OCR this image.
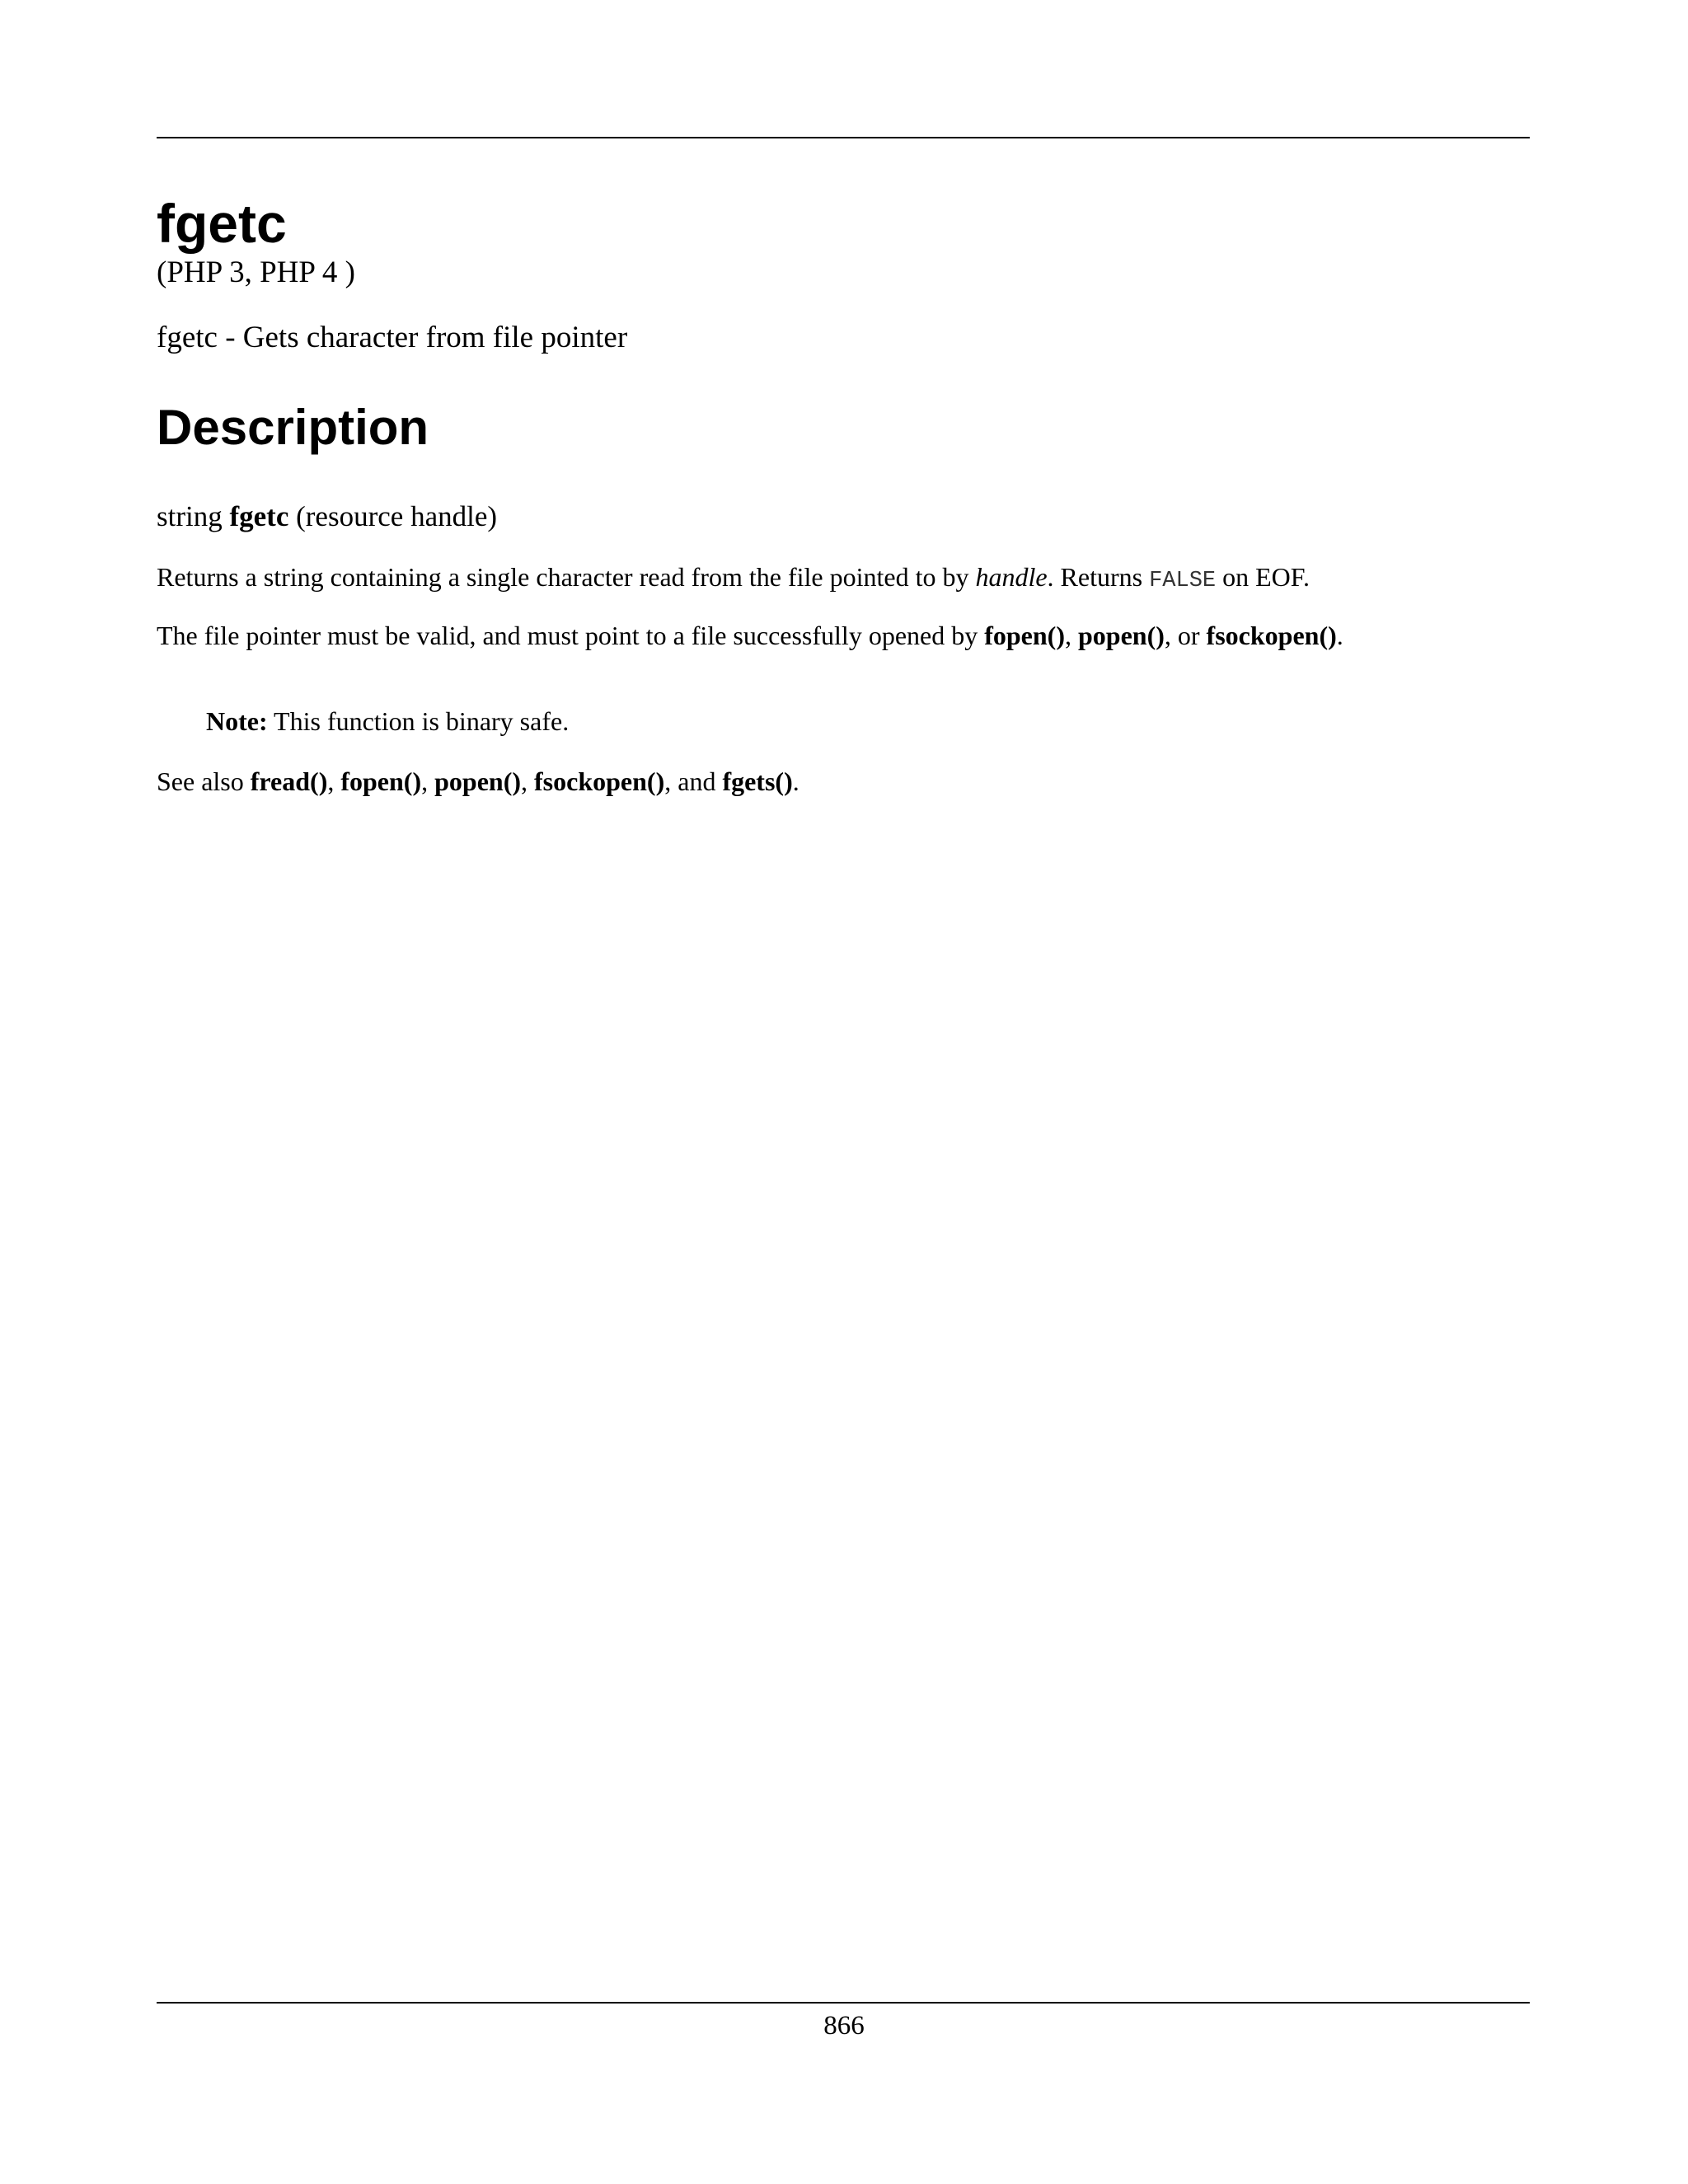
fgetc
(PHP 3, PHP 4 )
fgetc - Gets character from file pointer
Description
string fgetc (resource handle)

Returns a string containing a single character read from the file pointed to by handle. Returns FALSE on EOF.

The file pointer must be valid, and must point to a file successfully opened by fopen(), popen(), or fsockopen().

Note: This function is binary safe.

See also fread(), fopen(), popen(), fsockopen(), and fgets().

866
